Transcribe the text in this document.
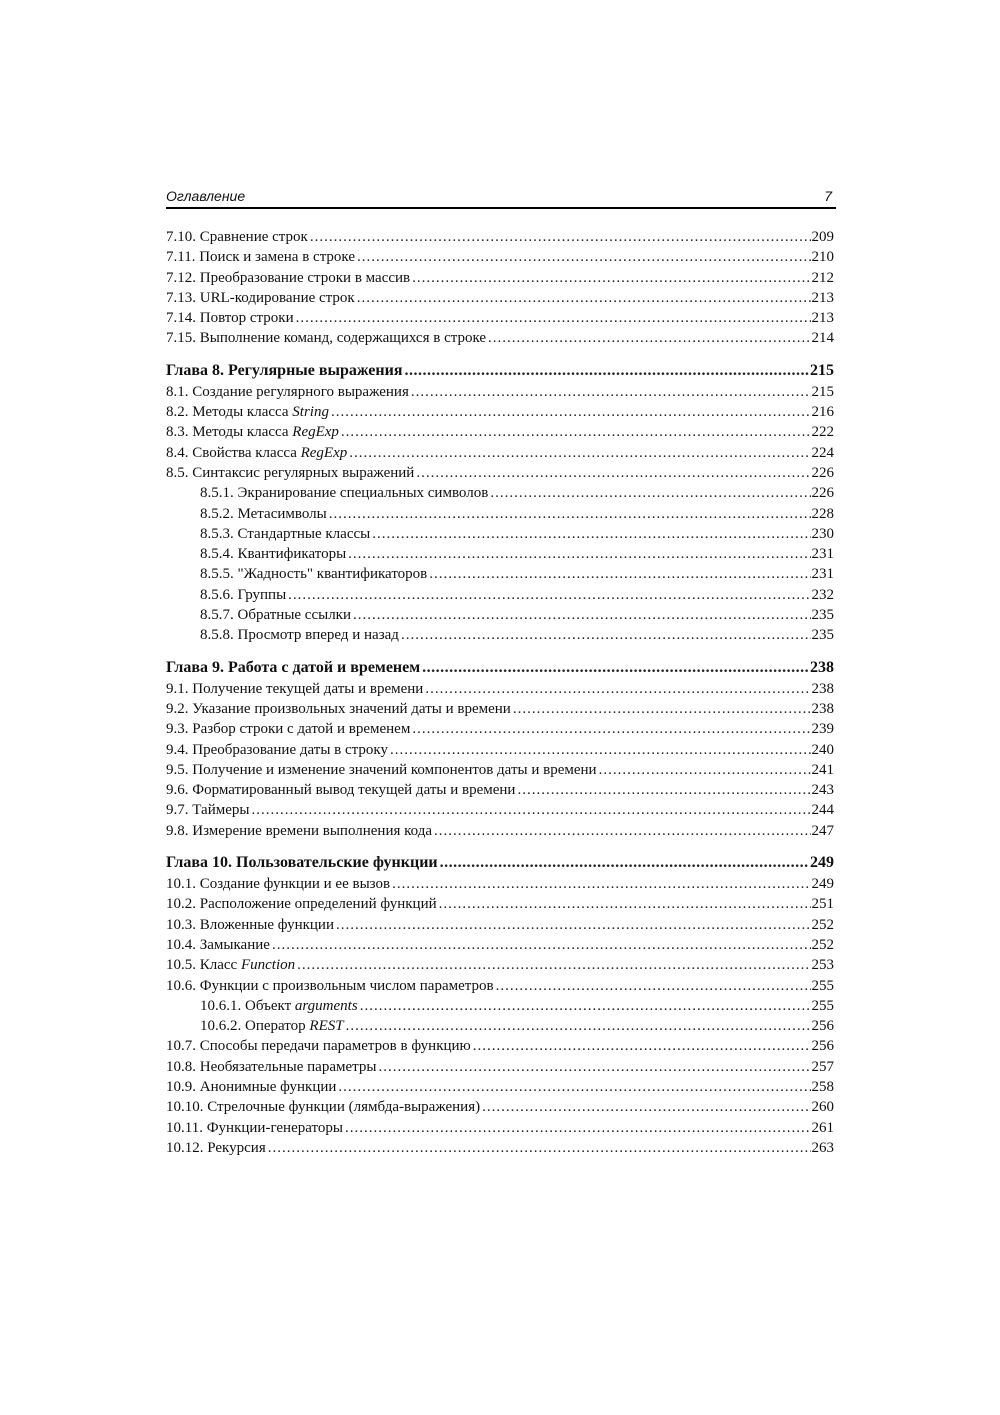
Оглавление	7
7.10. Сравнение строк .....	209
7.11. Поиск и замена в строке .....	210
7.12. Преобразование строки в массив .....	212
7.13. URL-кодирование строк .....	213
7.14. Повтор строки .....	213
7.15. Выполнение команд, содержащихся в строке .....	214
Глава 8. Регулярные выражения .....	215
8.1. Создание регулярного выражения .....	215
8.2. Методы класса String .....	216
8.3. Методы класса RegExp .....	222
8.4. Свойства класса RegExp .....	224
8.5. Синтаксис регулярных выражений .....	226
8.5.1. Экранирование специальных символов .....	226
8.5.2. Метасимволы .....	228
8.5.3. Стандартные классы .....	230
8.5.4. Квантификаторы .....	231
8.5.5. "Жадность" квантификаторов .....	231
8.5.6. Группы .....	232
8.5.7. Обратные ссылки .....	235
8.5.8. Просмотр вперед и назад .....	235
Глава 9. Работа с датой и временем .....	238
9.1. Получение текущей даты и времени .....	238
9.2. Указание произвольных значений даты и времени .....	238
9.3. Разбор строки с датой и временем .....	239
9.4. Преобразование даты в строку .....	240
9.5. Получение и изменение значений компонентов даты и времени .....	241
9.6. Форматированный вывод текущей даты и времени .....	243
9.7. Таймеры .....	244
9.8. Измерение времени выполнения кода .....	247
Глава 10. Пользовательские функции .....	249
10.1. Создание функции и ее вызов .....	249
10.2. Расположение определений функций .....	251
10.3. Вложенные функции .....	252
10.4. Замыкание .....	252
10.5. Класс Function .....	253
10.6. Функции с произвольным числом параметров .....	255
10.6.1. Объект arguments .....	255
10.6.2. Оператор REST .....	256
10.7. Способы передачи параметров в функцию .....	256
10.8. Необязательные параметры .....	257
10.9. Анонимные функции .....	258
10.10. Стрелочные функции (лямбда-выражения) .....	260
10.11. Функции-генераторы .....	261
10.12. Рекурсия .....	263
